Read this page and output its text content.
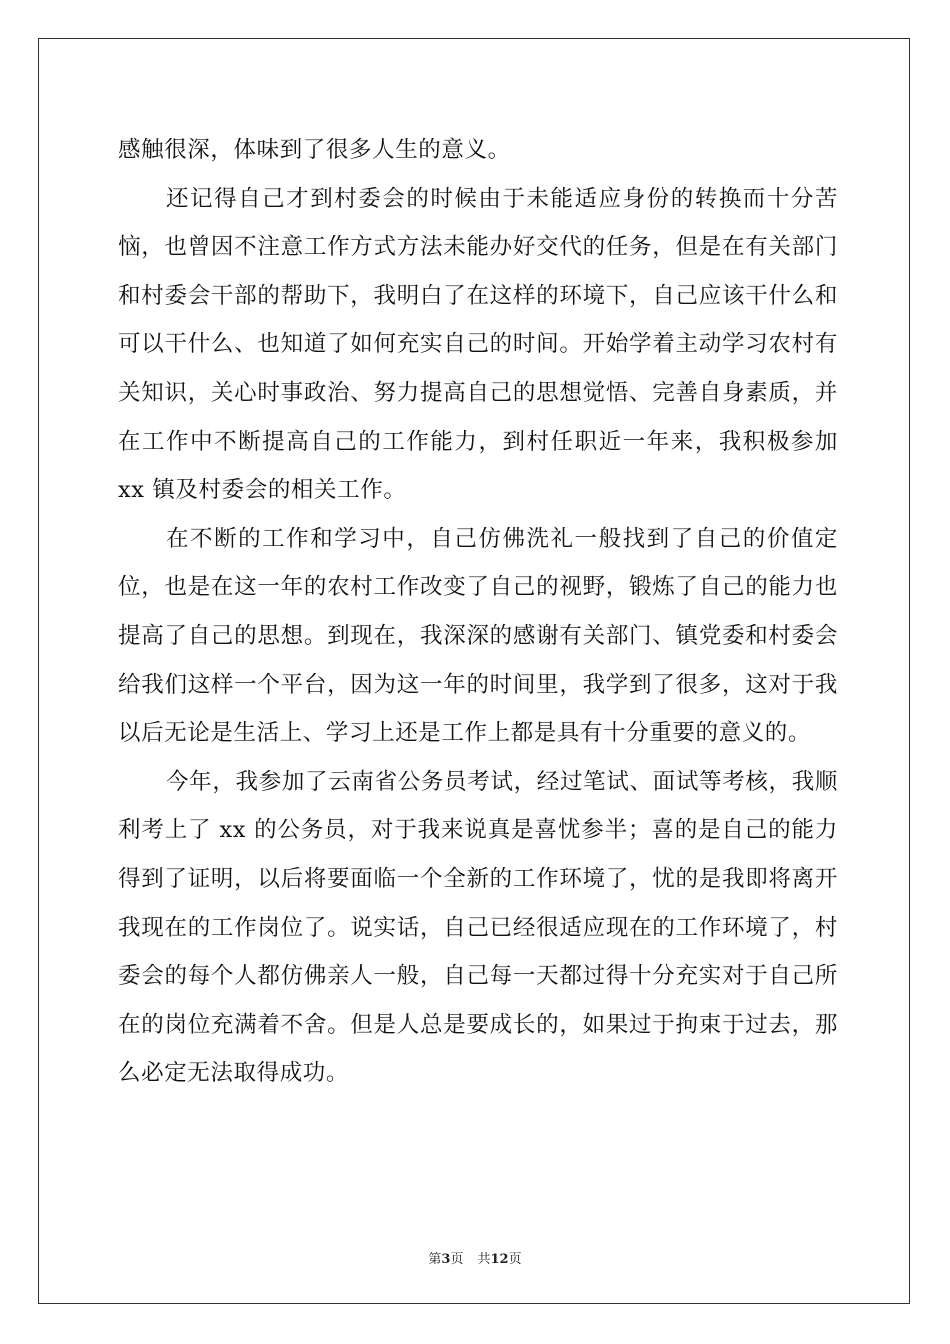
感触很深，体味到了很多人生的意义。

还记得自己才到村委会的时候由于未能适应身份的转换而十分苦恼，也曾因不注意工作方式方法未能办好交代的任务，但是在有关部门和村委会干部的帮助下，我明白了在这样的环境下，自己应该干什么和可以干什么、也知道了如何充实自己的时间。开始学着主动学习农村有关知识，关心时事政治、努力提高自己的思想觉悟、完善自身素质，并在工作中不断提高自己的工作能力，到村任职近一年来，我积极参加 xx 镇及村委会的相关工作。

在不断的工作和学习中，自己仿佛洗礼一般找到了自己的价值定位，也是在这一年的农村工作改变了自己的视野，锻炼了自己的能力也提高了自己的思想。到现在，我深深的感谢有关部门、镇党委和村委会给我们这样一个平台，因为这一年的时间里，我学到了很多，这对于我以后无论是生活上、学习上还是工作上都是具有十分重要的意义的。

今年，我参加了云南省公务员考试，经过笔试、面试等考核，我顺利考上了 xx 的公务员，对于我来说真是喜忧参半；喜的是自己的能力得到了证明，以后将要面临一个全新的工作环境了，忧的是我即将离开我现在的工作岗位了。说实话，自己已经很适应现在的工作环境了，村委会的每个人都仿佛亲人一般，自己每一天都过得十分充实对于自己所在的岗位充满着不舍。但是人总是要成长的，如果过于拘束于过去，那么必定无法取得成功。

第3页 共12页
